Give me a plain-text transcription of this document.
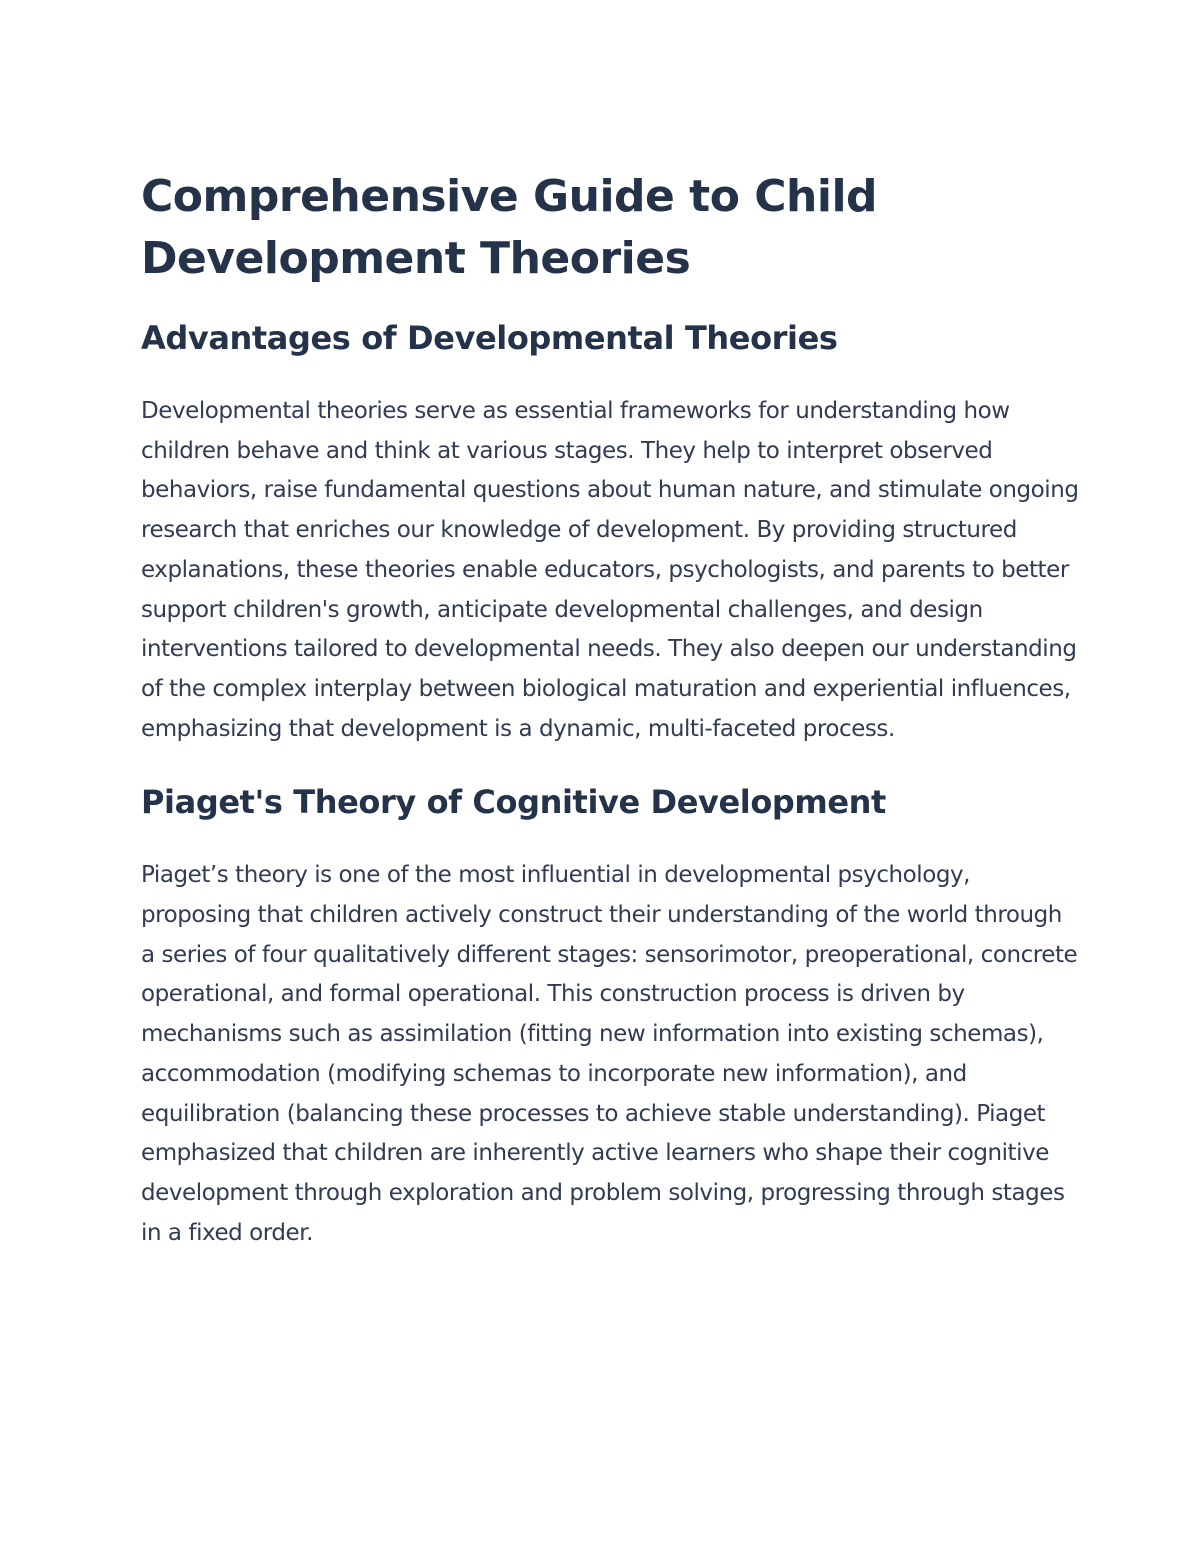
Comprehensive Guide to Child Development Theories
Advantages of Developmental Theories

Developmental theories serve as essential frameworks for understanding how children behave and think at various stages. They help to interpret observed behaviors, raise fundamental questions about human nature, and stimulate ongoing research that enriches our knowledge of development. By providing structured explanations, these theories enable educators, psychologists, and parents to better support children's growth, anticipate developmental challenges, and design interventions tailored to developmental needs. They also deepen our understanding of the complex interplay between biological maturation and experiential influences, emphasizing that development is a dynamic, multi-faceted process.

Piaget's Theory of Cognitive Development

Piaget’s theory is one of the most influential in developmental psychology, proposing that children actively construct their understanding of the world through a series of four qualitatively different stages: sensorimotor, preoperational, concrete operational, and formal operational. This construction process is driven by mechanisms such as assimilation (fitting new information into existing schemas), accommodation (modifying schemas to incorporate new information), and equilibration (balancing these processes to achieve stable understanding). Piaget emphasized that children are inherently active learners who shape their cognitive development through exploration and problem solving, progressing through stages in a fixed order.
